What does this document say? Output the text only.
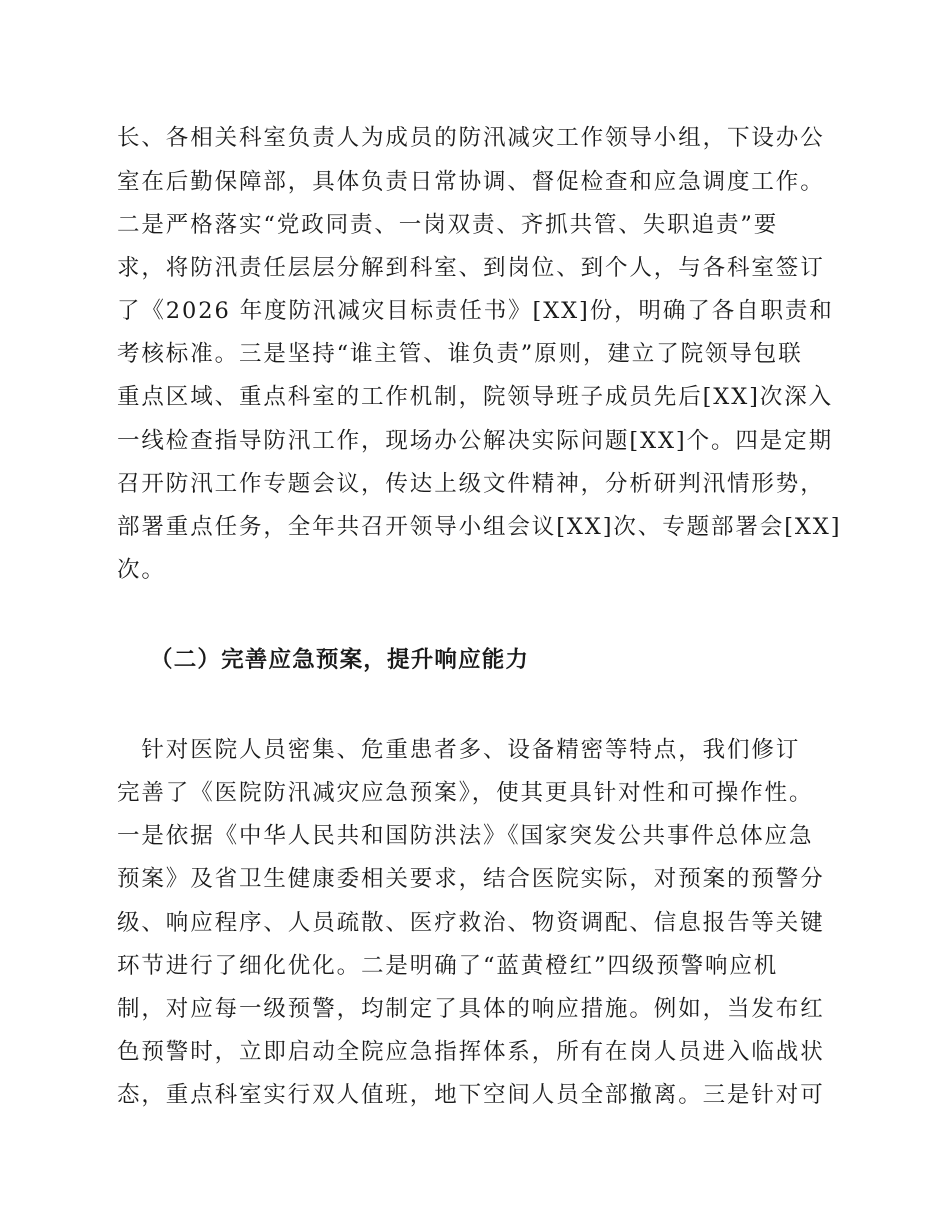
长、各相关科室负责人为成员的防汛减灾工作领导小组，下设办公
室在后勤保障部，具体负责日常协调、督促检查和应急调度工作。
二是严格落实“党政同责、一岗双责、齐抓共管、失职追责”要
求，将防汛责任层层分解到科室、到岗位、到个人，与各科室签订
了《2026 年度防汛减灾目标责任书》[XX]份，明确了各自职责和
考核标准。三是坚持“谁主管、谁负责”原则，建立了院领导包联
重点区域、重点科室的工作机制，院领导班子成员先后[XX]次深入
一线检查指导防汛工作，现场办公解决实际问题[XX]个。四是定期
召开防汛工作专题会议，传达上级文件精神，分析研判汛情形势，
部署重点任务，全年共召开领导小组会议[XX]次、专题部署会[XX]
次。
（二）完善应急预案，提升响应能力
　针对医院人员密集、危重患者多、设备精密等特点，我们修订
完善了《医院防汛减灾应急预案》，使其更具针对性和可操作性。
一是依据《中华人民共和国防洪法》《国家突发公共事件总体应急
预案》及省卫生健康委相关要求，结合医院实际，对预案的预警分
级、响应程序、人员疏散、医疗救治、物资调配、信息报告等关键
环节进行了细化优化。二是明确了“蓝黄橙红”四级预警响应机
制，对应每一级预警，均制定了具体的响应措施。例如，当发布红
色预警时，立即启动全院应急指挥体系，所有在岗人员进入临战状
态，重点科室实行双人值班，地下空间人员全部撤离。三是针对可
